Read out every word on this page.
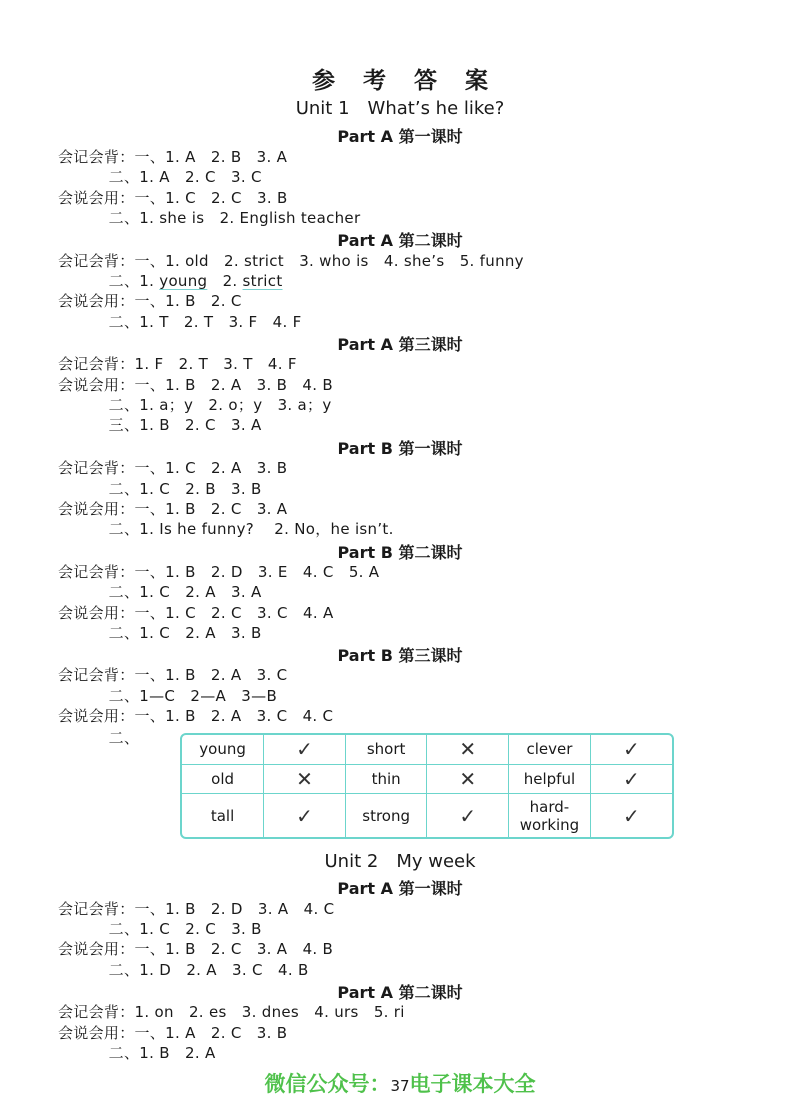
参 考 答 案
Unit 1 What’s he like?
Part A 第一课时
会记会背：一、1. A   2. B   3. A
二、1. A   2. C   3. C
会说会用：一、1. C   2. C   3. B
二、1. she is   2. English teacher
Part A 第二课时
会记会背：一、1. old   2. strict   3. who is   4. she’s   5. funny
二、1. young   2. strict
会说会用：一、1. B   2. C
二、1. T   2. T   3. F   4. F
Part A 第三课时
会记会背：1. F   2. T   3. T   4. F
会说会用：一、1. B   2. A   3. B   4. B
二、1. a；y   2. o；y   3. a；y
三、1. B   2. C   3. A
Part B 第一课时
会记会背：一、1. C   2. A   3. B
二、1. C   2. B   3. B
会说会用：一、1. B   2. C   3. A
二、1. Is he funny?    2. No，he isn’t.
Part B 第二课时
会记会背：一、1. B   2. D   3. E   4. C   5. A
二、1. C   2. A   3. A
会说会用：一、1. C   2. C   3. C   4. A
二、1. C   2. A   3. B
Part B 第三课时
会记会背：一、1. B   2. A   3. C
二、1—C   2—A   3—B
会说会用：一、1. B   2. A   3. C   4. C
二、
young	✓	short	✕	clever	✓
old	✕	thin	✕	helpful	✓
tall	✓	strong	✓	hard-working	✓
Unit 2 My week
Part A 第一课时
会记会背：一、1. B   2. D   3. A   4. C
二、1. C   2. C   3. B
会说会用：一、1. B   2. C   3. A   4. B
二、1. D   2. A   3. C   4. B
Part A 第二课时
会记会背：1. on   2. es   3. dnes   4. urs   5. ri
会说会用：一、1. A   2. C   3. B
二、1. B   2. A
微信公众号：37电子课本大全
